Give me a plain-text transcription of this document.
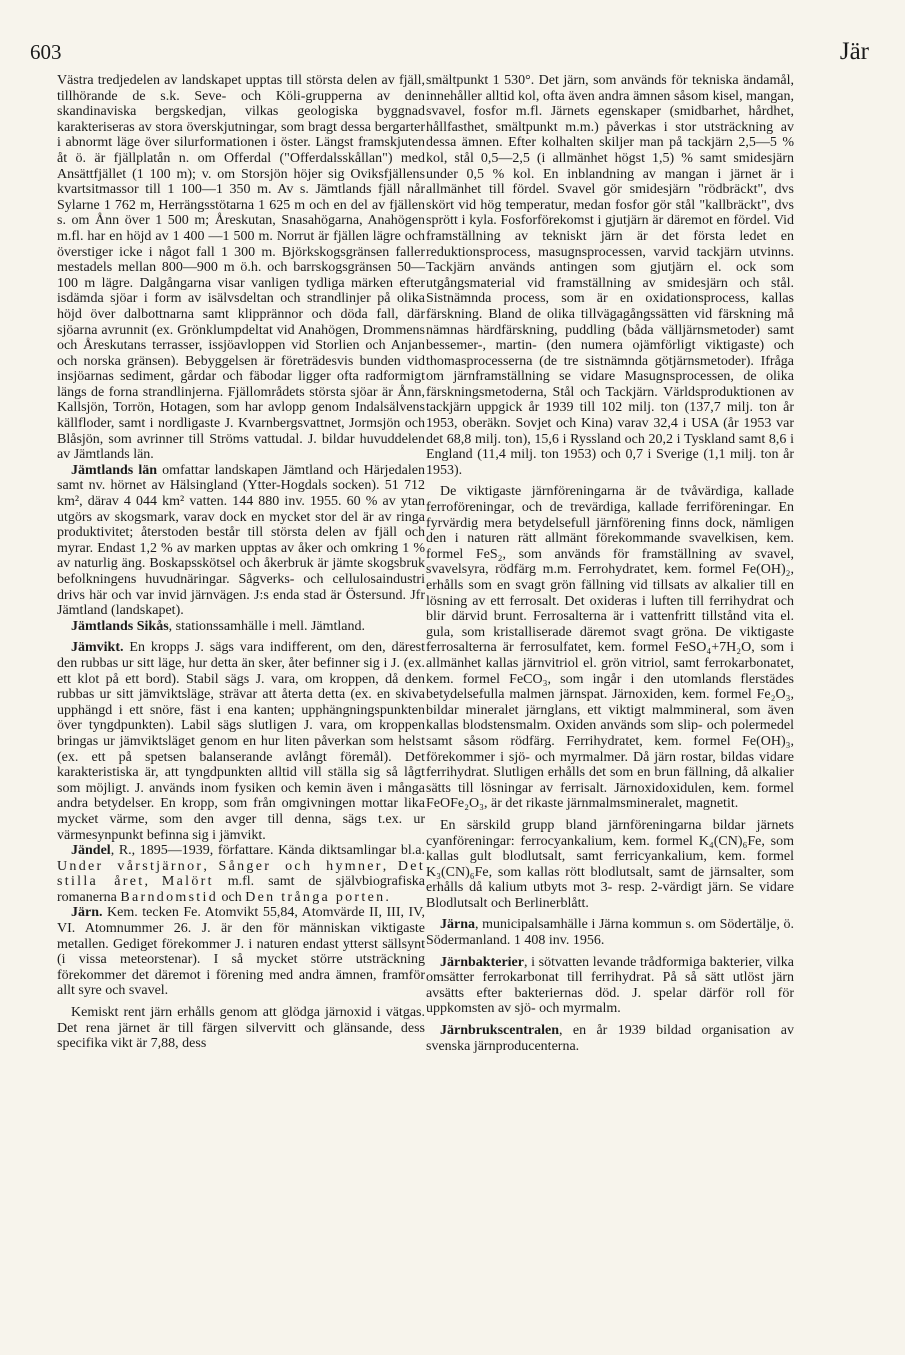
603	Jär

Västra tredjedelen av landskapet upptas till största delen av fjäll, tillhörande de s.k. Seve- och Köli-grupperna av den skandinaviska bergskedjan, vilkas geologiska byggnad karakteriseras av stora överskjutningar, som bragt dessa bergarter i abnormt läge över silurformationen i öster. Längst framskjuten åt ö. är fjällplatån n. om Offerdal ("Offerdalsskållan") med Ansättfjället (1 100 m); v. om Storsjön höjer sig Oviksfjällens kvartsitmassor till 1 100—1 350 m. Av s. Jämtlands fjäll når Sylarne 1 762 m, Herrängsstötarna 1 625 m och en del av fjällen s. om Ånn över 1 500 m; Åreskutan, Snasahögarna, Anahögen m.fl. har en höjd av 1 400 —1 500 m. Norrut är fjällen lägre och överstiger icke i något fall 1 300 m. Björkskogsgränsen faller mestadels mellan 800—900 m ö.h. och barrskogsgränsen 50—100 m lägre. Dalgångarna visar vanligen tydliga märken efter isdämda sjöar i form av isälvsdeltan och strandlinjer på olika höjd över dalbottnarna samt klipprännor och döda fall, där sjöarna avrunnit (ex. Grönklumpdeltat vid Anahögen, Drommens och Åreskutans terrasser, issjöavloppen vid Storlien och Anjan och norska gränsen). Bebyggelsen är företrädesvis bunden vid insjöarnas sediment, gårdar och fäbodar ligger ofta radformigt längs de forna strandlinjerna. Fjällområdets största sjöar är Ånn, Kallsjön, Torrön, Hotagen, som har avlopp genom Indalsälvens källfloder, samt i nordligaste J. Kvarnbergsvattnet, Jormsjön och Blåsjön, som avrinner till Ströms vattudal. J. bildar huvuddelen av Jämtlands län.

Jämtlands län omfattar landskapen Jämtland och Härjedalen samt nv. hörnet av Hälsingland (Ytter-Hogdals socken). 51 712 km², därav 4 044 km² vatten. 144 880 inv. 1955. 60 % av ytan utgörs av skogsmark, varav dock en mycket stor del är av ringa produktivitet; återstoden består till största delen av fjäll och myrar. Endast 1,2 % av marken upptas av åker och omkring 1 % av naturlig äng. Boskapsskötsel och åkerbruk är jämte skogsbruk befolkningens huvudnäringar. Sågverks- och cellulosaindustri drivs här och var invid järnvägen. J:s enda stad är Östersund. Jfr Jämtland (landskapet).

Jämtlands Sikås, stationssamhälle i mell. Jämtland.

Jämvikt. En kropps J. sägs vara indifferent, om den, därest den rubbas ur sitt läge, hur detta än sker, åter befinner sig i J. (ex. ett klot på ett bord). Stabil sägs J. vara, om kroppen, då den rubbas ur sitt jämviktsläge, strävar att återta detta (ex. en skiva upphängd i ett snöre, fäst i ena kanten; upphängningspunkten över tyngdpunkten). Labil sägs slutligen J. vara, om kroppen bringas ur jämviktsläget genom en hur liten påverkan som helst (ex. ett på spetsen balanserande avlångt föremål). Det karakteristiska är, att tyngdpunkten alltid vill ställa sig så lågt som möjligt. J. används inom fysiken och kemin även i många andra betydelser. En kropp, som från omgivningen mottar lika mycket värme, som den avger till denna, sägs t.ex. ur värmesynpunkt befinna sig i jämvikt.

Jändel, R., 1895—1939, författare. Kända diktsamlingar bl.a. Under vårstjärnor, Sånger och hymner, Det stilla året, Malört m.fl. samt de självbiografiska romanerna Barndomstid och Den trånga porten.

Järn. Kem. tecken Fe. Atomvikt 55,84, Atomvärde II, III, IV, VI. Atomnummer 26. J. är den för människan viktigaste metallen. Gediget förekommer J. i naturen endast ytterst sällsynt (i vissa meteorstenar). I så mycket större utsträckning förekommer det däremot i förening med andra ämnen, framför allt syre och svavel.

Kemiskt rent järn erhålls genom att glödga järnoxid i vätgas. Det rena järnet är till färgen silvervitt och glänsande, dess specifika vikt är 7,88, dess

smältpunkt 1 530°. Det järn, som används för tekniska ändamål, innehåller alltid kol, ofta även andra ämnen såsom kisel, mangan, svavel, fosfor m.fl. Järnets egenskaper (smidbarhet, hårdhet, hållfasthet, smältpunkt m.m.) påverkas i stor utsträckning av dessa ämnen. Efter kolhalten skiljer man på tackjärn 2,5—5 % kol, stål 0,5—2,5 (i allmänhet högst 1,5) % samt smidesjärn under 0,5 % kol. En inblandning av mangan i järnet är i allmänhet till fördel. Svavel gör smidesjärn "rödbräckt", dvs skört vid hög temperatur, medan fosfor gör stål "kallbräckt", dvs sprött i kyla. Fosforförekomst i gjutjärn är däremot en fördel. Vid framställning av tekniskt järn är det första ledet en reduktionsprocess, masugnsprocessen, varvid tackjärn utvinns. Tackjärn används antingen som gjutjärn el. ock som utgångsmaterial vid framställning av smidesjärn och stål. Sistnämnda process, som är en oxidationsprocess, kallas färskning. Bland de olika tillvägagångssätten vid färskning må nämnas härdfärskning, puddling (båda välljärnsmetoder) samt bessemer-, martin- (den numera ojämförligt viktigaste) och thomasprocesserna (de tre sistnämnda götjärnsmetoder). Ifråga om järnframställning se vidare Masugnsprocessen, de olika färskningsmetoderna, Stål och Tackjärn. Världsproduktionen av tackjärn uppgick år 1939 till 102 milj. ton (137,7 milj. ton år 1953, oberäkn. Sovjet och Kina) varav 32,4 i USA (år 1953 var det 68,8 milj. ton), 15,6 i Ryssland och 20,2 i Tyskland samt 8,6 i England (11,4 milj. ton 1953) och 0,7 i Sverige (1,1 milj. ton år 1953).

De viktigaste järnföreningarna är de tvåvärdiga, kallade ferroföreningar, och de trevärdiga, kallade ferriföreningar. En fyrvärdig mera betydelsefull järnförening finns dock, nämligen den i naturen rätt allmänt förekommande svavelkisen, kem. formel FeS₂, som används för framställning av svavel, svavelsyra, rödfärg m.m. Ferrohydratet, kem. formel Fe(OH)₂, erhålls som en svagt grön fällning vid tillsats av alkalier till en lösning av ett ferrosalt. Det oxideras i luften till ferrihydrat och blir därvid brunt. Ferrosalterna är i vattenfritt tillstånd vita el. gula, som kristalliserade däremot svagt gröna. De viktigaste ferrosalterna är ferrosulfatet, kem. formel FeSO₄+7H₂O, som i allmänhet kallas järnvitriol el. grön vitriol, samt ferrokarbonatet, kem. formel FeCO₃, som ingår i den utomlands flerstädes betydelsefulla malmen järnspat. Järnoxiden, kem. formel Fe₂O₃, bildar mineralet järnglans, ett viktigt malmmineral, som även kallas blodstensmalm. Oxiden används som slip- och polermedel samt såsom rödfärg. Ferrihydratet, kem. formel Fe(OH)₃, förekommer i sjö- och myrmalmer. Då järn rostar, bildas vidare ferrihydrat. Slutligen erhålls det som en brun fällning, då alkalier sätts till lösningar av ferrisalt. Järnoxidoxidulen, kem. formel FeOFe₂O₃, är det rikaste järnmalmsmineralet, magnetit.

En särskild grupp bland järnföreningarna bildar järnets cyanföreningar: ferrocyankalium, kem. formel K₄(CN)₆Fe, som kallas gult blodlutsalt, samt ferricyankalium, kem. formel K₃(CN)₆Fe, som kallas rött blodlutsalt, samt de järnsalter, som erhålls då kalium utbyts mot 3- resp. 2-värdigt järn. Se vidare Blodlutsalt och Berlinerblått.

Järna, municipalsamhälle i Järna kommun s. om Södertälje, ö. Södermanland. 1 408 inv. 1956.

Järnbakterier, i sötvatten levande trådformiga bakterier, vilka omsätter ferrokarbonat till ferrihydrat. På så sätt utlöst järn avsätts efter bakteriernas död. J. spelar därför roll för uppkomsten av sjö- och myrmalm.

Järnbrukscentralen, en år 1939 bildad organisation av svenska järnproducenterna.
